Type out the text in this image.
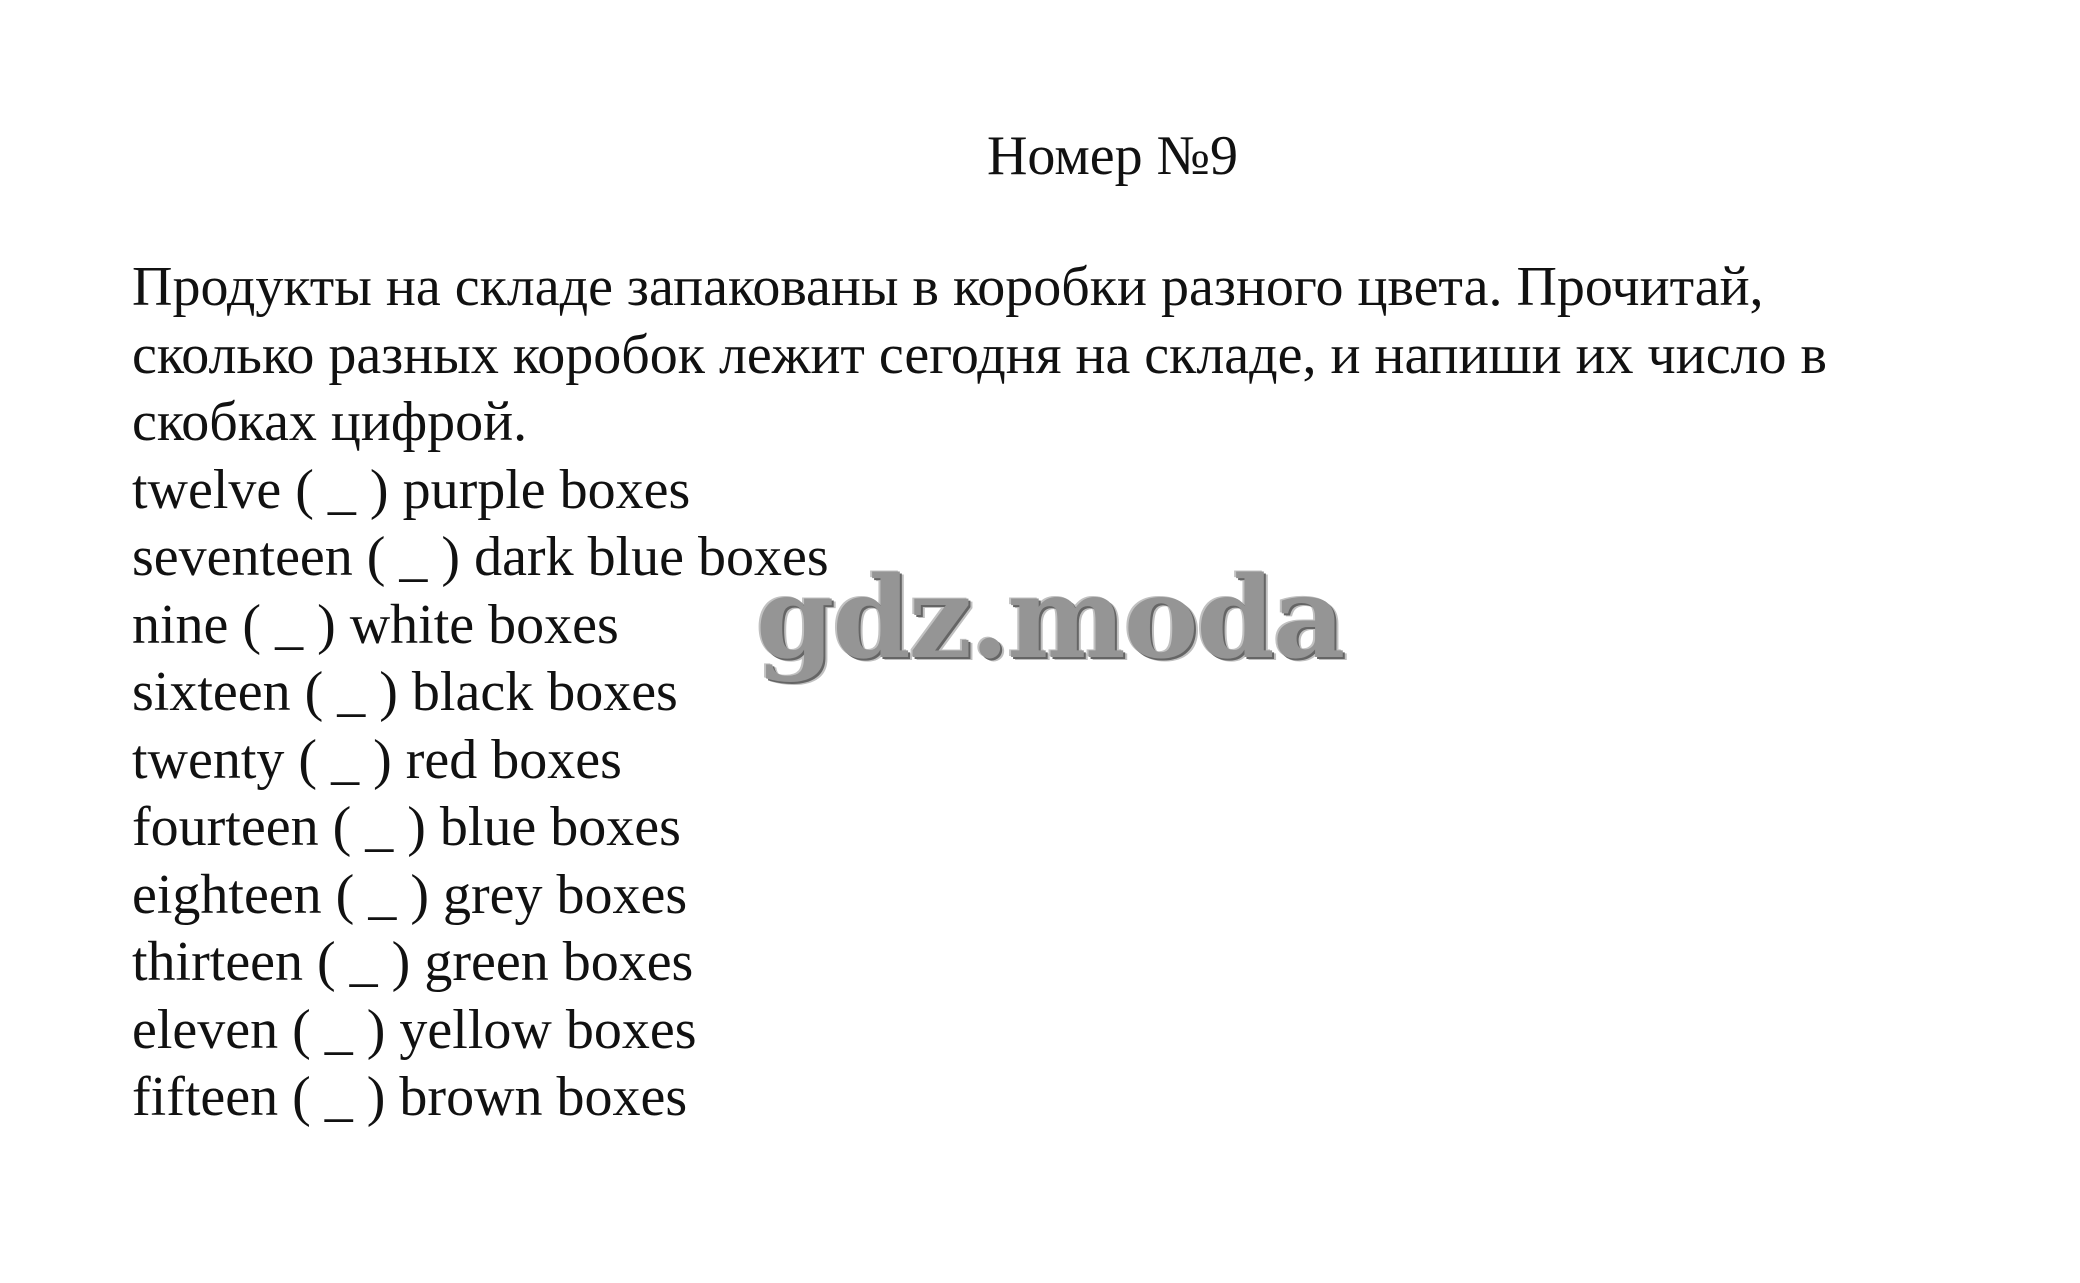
Номер №9

Продукты на складе запакованы в коробки разного цвета. Прочитай,
сколько разных коробок лежит сегодня на складе, и напиши их число в
скобках цифрой.

twelve ( _ ) purple boxes
seventeen ( _ ) dark blue boxes
nine ( _ ) white boxes
sixteen ( _ ) black boxes
twenty ( _ ) red boxes
fourteen ( _ ) blue boxes
eighteen ( _ ) grey boxes
thirteen ( _ ) green boxes
eleven ( _ ) yellow boxes
fifteen ( _ ) brown boxes
gdz.moda
